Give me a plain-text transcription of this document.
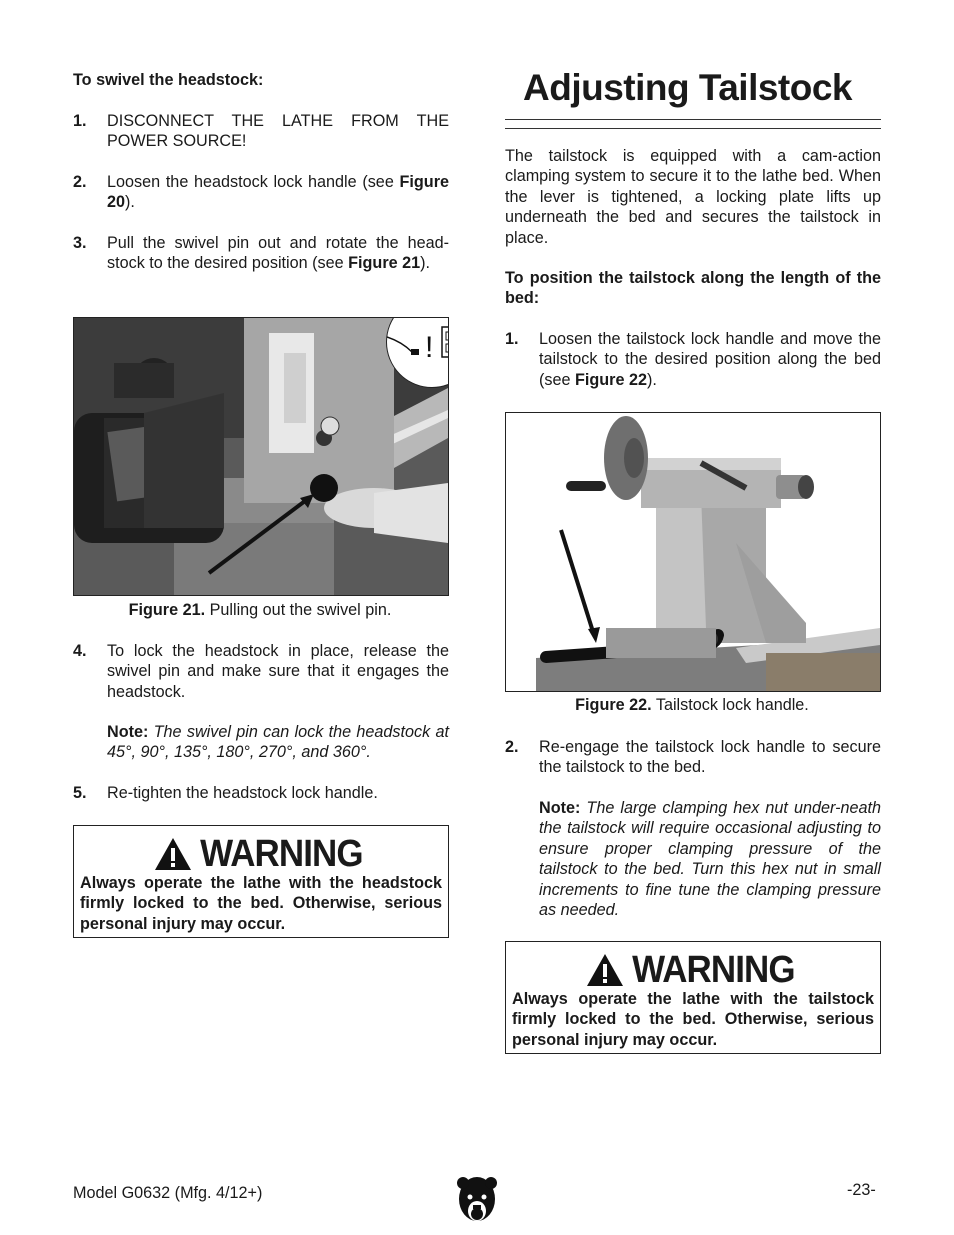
To swivel the headstock:

1. DISCONNECT THE LATHE FROM THE POWER SOURCE!
2. Loosen the headstock lock handle (see Figure 20).
3. Pull the swivel pin out and rotate the head-stock to the desired position (see Figure 21).
!

Figure 21. Pulling out the swivel pin.

4. To lock the headstock in place, release the swivel pin and make sure that it engages the headstock.

Note: The swivel pin can lock the headstock at 45°, 90°, 135°, 180°, 270°, and 360°.

5. Re-tighten the headstock lock handle.
WARNING

Always operate the lathe with the headstock firmly locked to the bed. Otherwise, serious personal injury may occur.

Adjusting Tailstock

The tailstock is equipped with a cam-action clamping system to secure it to the lathe bed. When the lever is tightened, a locking plate lifts up underneath the bed and secures the tailstock in place.

To position the tailstock along the length of the bed:

1. Loosen the tailstock lock handle and move the tailstock to the desired position along the bed (see Figure 22).

Figure 22. Tailstock lock handle.

2. Re-engage the tailstock lock handle to secure the tailstock to the bed.

Note: The large clamping hex nut under-neath the tailstock will require occasional adjusting to ensure proper clamping pressure of the tailstock to the bed. Turn this hex nut in small increments to fine tune the clamping pressure as needed.

WARNING

Always operate the lathe with the tailstock firmly locked to the bed. Otherwise, serious personal injury may occur.

Model G0632 (Mfg. 4/12+)	-23-
